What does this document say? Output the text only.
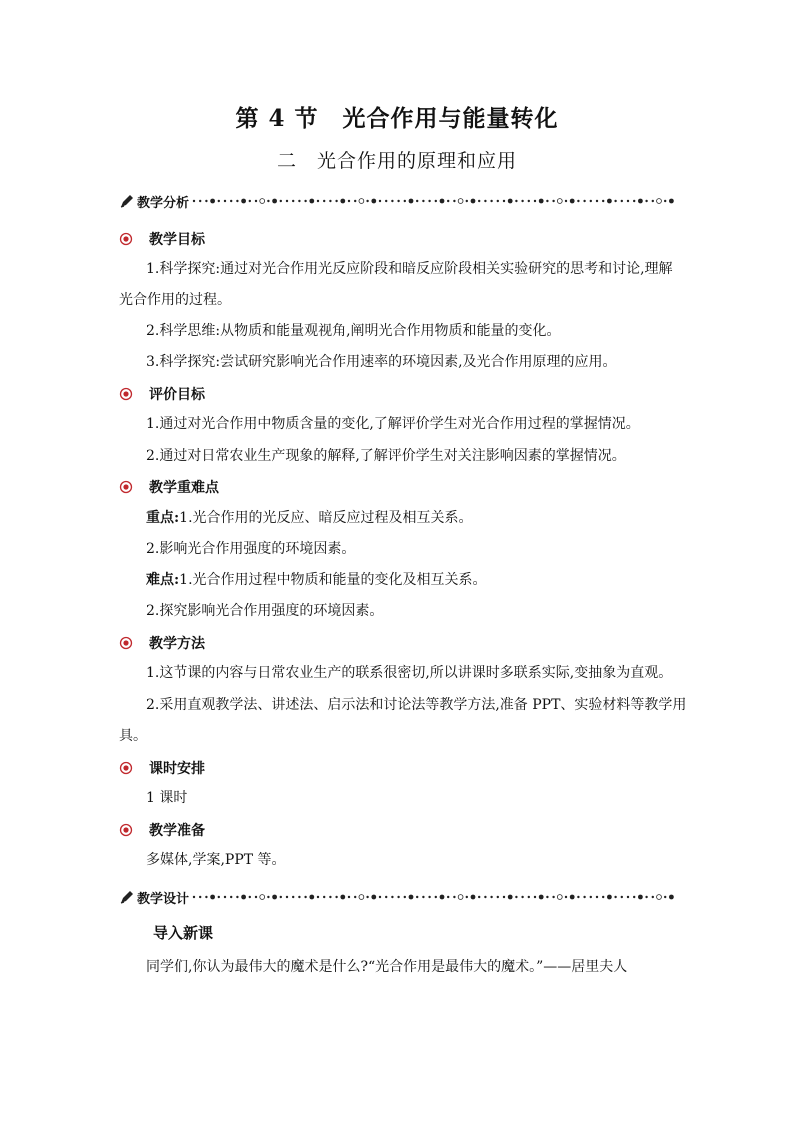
第 4 节　光合作用与能量转化
二　光合作用的原理和应用
教学分析
教学目标
1.科学探究:通过对光合作用光反应阶段和暗反应阶段相关实验研究的思考和讨论,理解
光合作用的过程。
2.科学思维:从物质和能量观视角,阐明光合作用物质和能量的变化。
3.科学探究:尝试研究影响光合作用速率的环境因素,及光合作用原理的应用。
评价目标
1.通过对光合作用中物质含量的变化,了解评价学生对光合作用过程的掌握情况。
2.通过对日常农业生产现象的解释,了解评价学生对关注影响因素的掌握情况。
教学重难点
重点:1.光合作用的光反应、暗反应过程及相互关系。
2.影响光合作用强度的环境因素。
难点:1.光合作用过程中物质和能量的变化及相互关系。
2.探究影响光合作用强度的环境因素。
教学方法
1.这节课的内容与日常农业生产的联系很密切,所以讲课时多联系实际,变抽象为直观。
2.采用直观教学法、讲述法、启示法和讨论法等教学方法,准备 PPT、实验材料等教学用
具。
课时安排
1 课时
教学准备
多媒体,学案,PPT 等。
教学设计
导入新课
同学们,你认为最伟大的魔术是什么?“光合作用是最伟大的魔术。”——居里夫人
